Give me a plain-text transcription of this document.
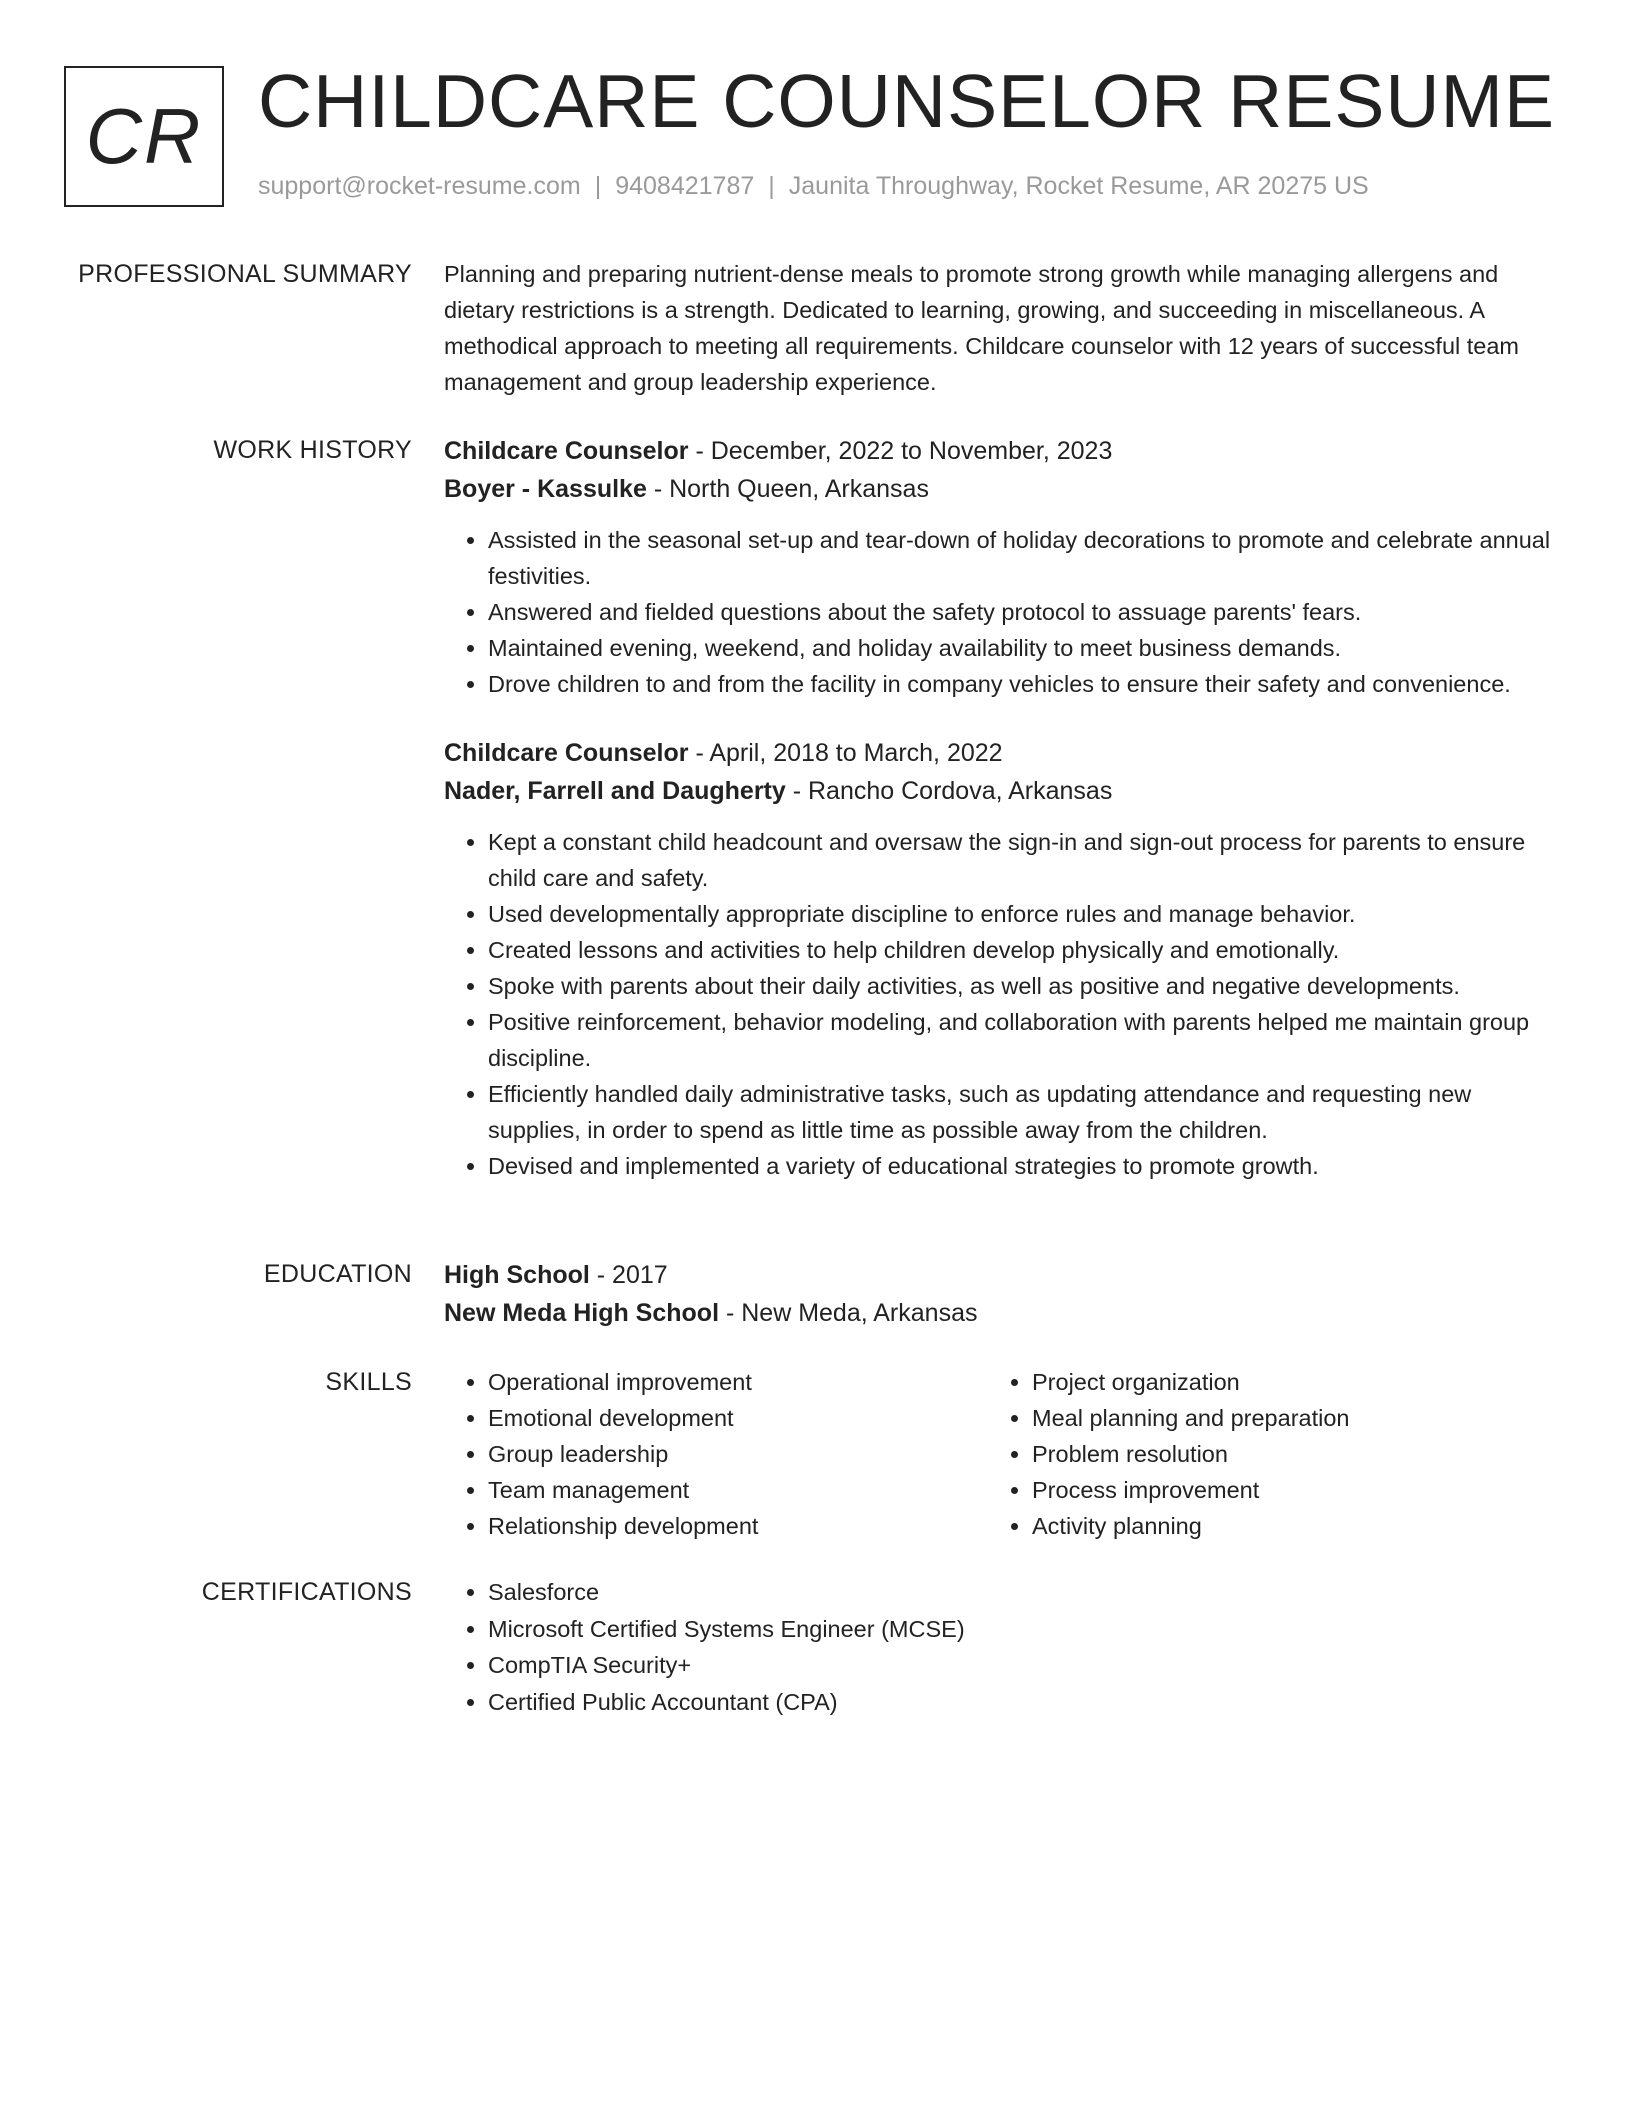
CR CHILDCARE COUNSELOR RESUME
support@rocket-resume.com | 9408421787 | Jaunita Throughway, Rocket Resume, AR 20275 US
PROFESSIONAL SUMMARY Planning and preparing nutrient-dense meals to promote strong growth while managing allergens and dietary restrictions is a strength. Dedicated to learning, growing, and succeeding in miscellaneous. A methodical approach to meeting all requirements. Childcare counselor with 12 years of successful team management and group leadership experience.

WORK HISTORY Childcare Counselor - December, 2022 to November, 2023
Boyer - Kassulke - North Queen, Arkansas
• Assisted in the seasonal set-up and tear-down of holiday decorations to promote and celebrate annual festivities.
• Answered and fielded questions about the safety protocol to assuage parents' fears.
• Maintained evening, weekend, and holiday availability to meet business demands.
• Drove children to and from the facility in company vehicles to ensure their safety and convenience.
Childcare Counselor - April, 2018 to March, 2022
Nader, Farrell and Daugherty - Rancho Cordova, Arkansas
• Kept a constant child headcount and oversaw the sign-in and sign-out process for parents to ensure child care and safety.
• Used developmentally appropriate discipline to enforce rules and manage behavior.
• Created lessons and activities to help children develop physically and emotionally.
• Spoke with parents about their daily activities, as well as positive and negative developments.
• Positive reinforcement, behavior modeling, and collaboration with parents helped me maintain group discipline.
• Efficiently handled daily administrative tasks, such as updating attendance and requesting new supplies, in order to spend as little time as possible away from the children.
• Devised and implemented a variety of educational strategies to promote growth.
EDUCATION High School - 2017
New Meda High School - New Meda, Arkansas
SKILLS	• Operational improvement
• Emotional development
• Group leadership
• Team management
• Relationship development
• Project organization
• Meal planning and preparation
• Problem resolution
• Process improvement
• Activity planning
CERTIFICATIONS	• Salesforce
• Microsoft Certified Systems Engineer (MCSE)
• CompTIA Security+
• Certified Public Accountant (CPA)
